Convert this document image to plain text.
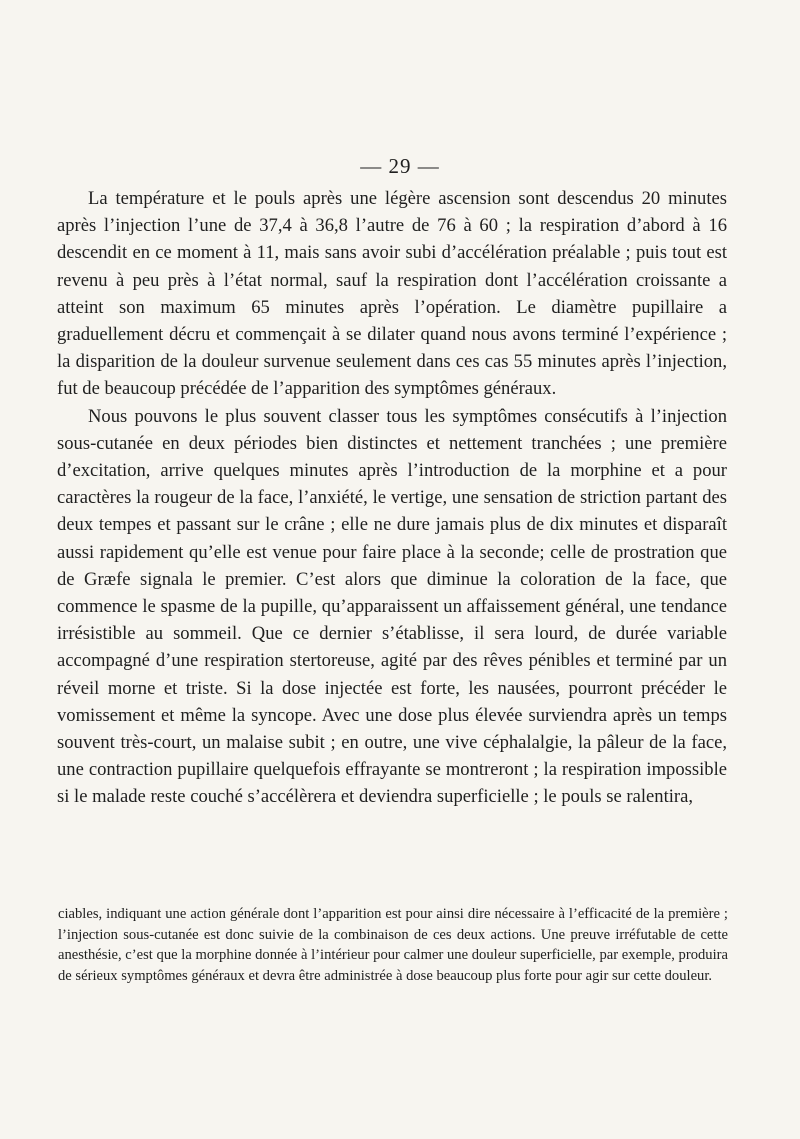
— 29 —

La température et le pouls après une légère ascension sont descendus 20 minutes après l’injection l’une de 37,4 à 36,8 l’autre de 76 à 60 ; la respiration d’abord à 16 descendit en ce moment à 11, mais sans avoir subi d’accélération préalable ; puis tout est revenu à peu près à l’état normal, sauf la respiration dont l’accélération croissante a atteint son maximum 65 minutes après l’opération. Le diamètre pupillaire a graduellement décru et commençait à se dilater quand nous avons terminé l’expérience ; la disparition de la douleur survenue seulement dans ces cas 55 minutes après l’injection, fut de beaucoup précédée de l’apparition des symptômes généraux.

Nous pouvons le plus souvent classer tous les symptômes consécutifs à l’injection sous-cutanée en deux périodes bien distinctes et nettement tranchées ; une première d’excitation, arrive quelques minutes après l’introduction de la morphine et a pour caractères la rougeur de la face, l’anxiété, le vertige, une sensation de striction partant des deux tempes et passant sur le crâne ; elle ne dure jamais plus de dix minutes et disparaît aussi rapidement qu’elle est venue pour faire place à la seconde; celle de prostration que de Græfe signala le premier. C’est alors que diminue la coloration de la face, que commence le spasme de la pupille, qu’apparaissent un affaissement général, une tendance irrésistible au sommeil. Que ce dernier s’établisse, il sera lourd, de durée variable accompagné d’une respiration stertoreuse, agité par des rêves pénibles et terminé par un réveil morne et triste. Si la dose injectée est forte, les nausées, pourront précéder le vomissement et même la syncope. Avec une dose plus élevée surviendra après un temps souvent très-court, un malaise subit ; en outre, une vive céphalalgie, la pâleur de la face, une contraction pupillaire quelquefois effrayante se montreront ; la respiration impossible si le malade reste couché s’accélèrera et deviendra superficielle ; le pouls se ralentira,

ciables, indiquant une action générale dont l’apparition est pour ainsi dire nécessaire à l’efficacité de la première ; l’injection sous-cutanée est donc suivie de la combinaison de ces deux actions. Une preuve irréfutable de cette anesthésie, c’est que la morphine donnée à l’intérieur pour calmer une douleur superficielle, par exemple, produira de sérieux symptômes généraux et devra être administrée à dose beaucoup plus forte pour agir sur cette douleur.
